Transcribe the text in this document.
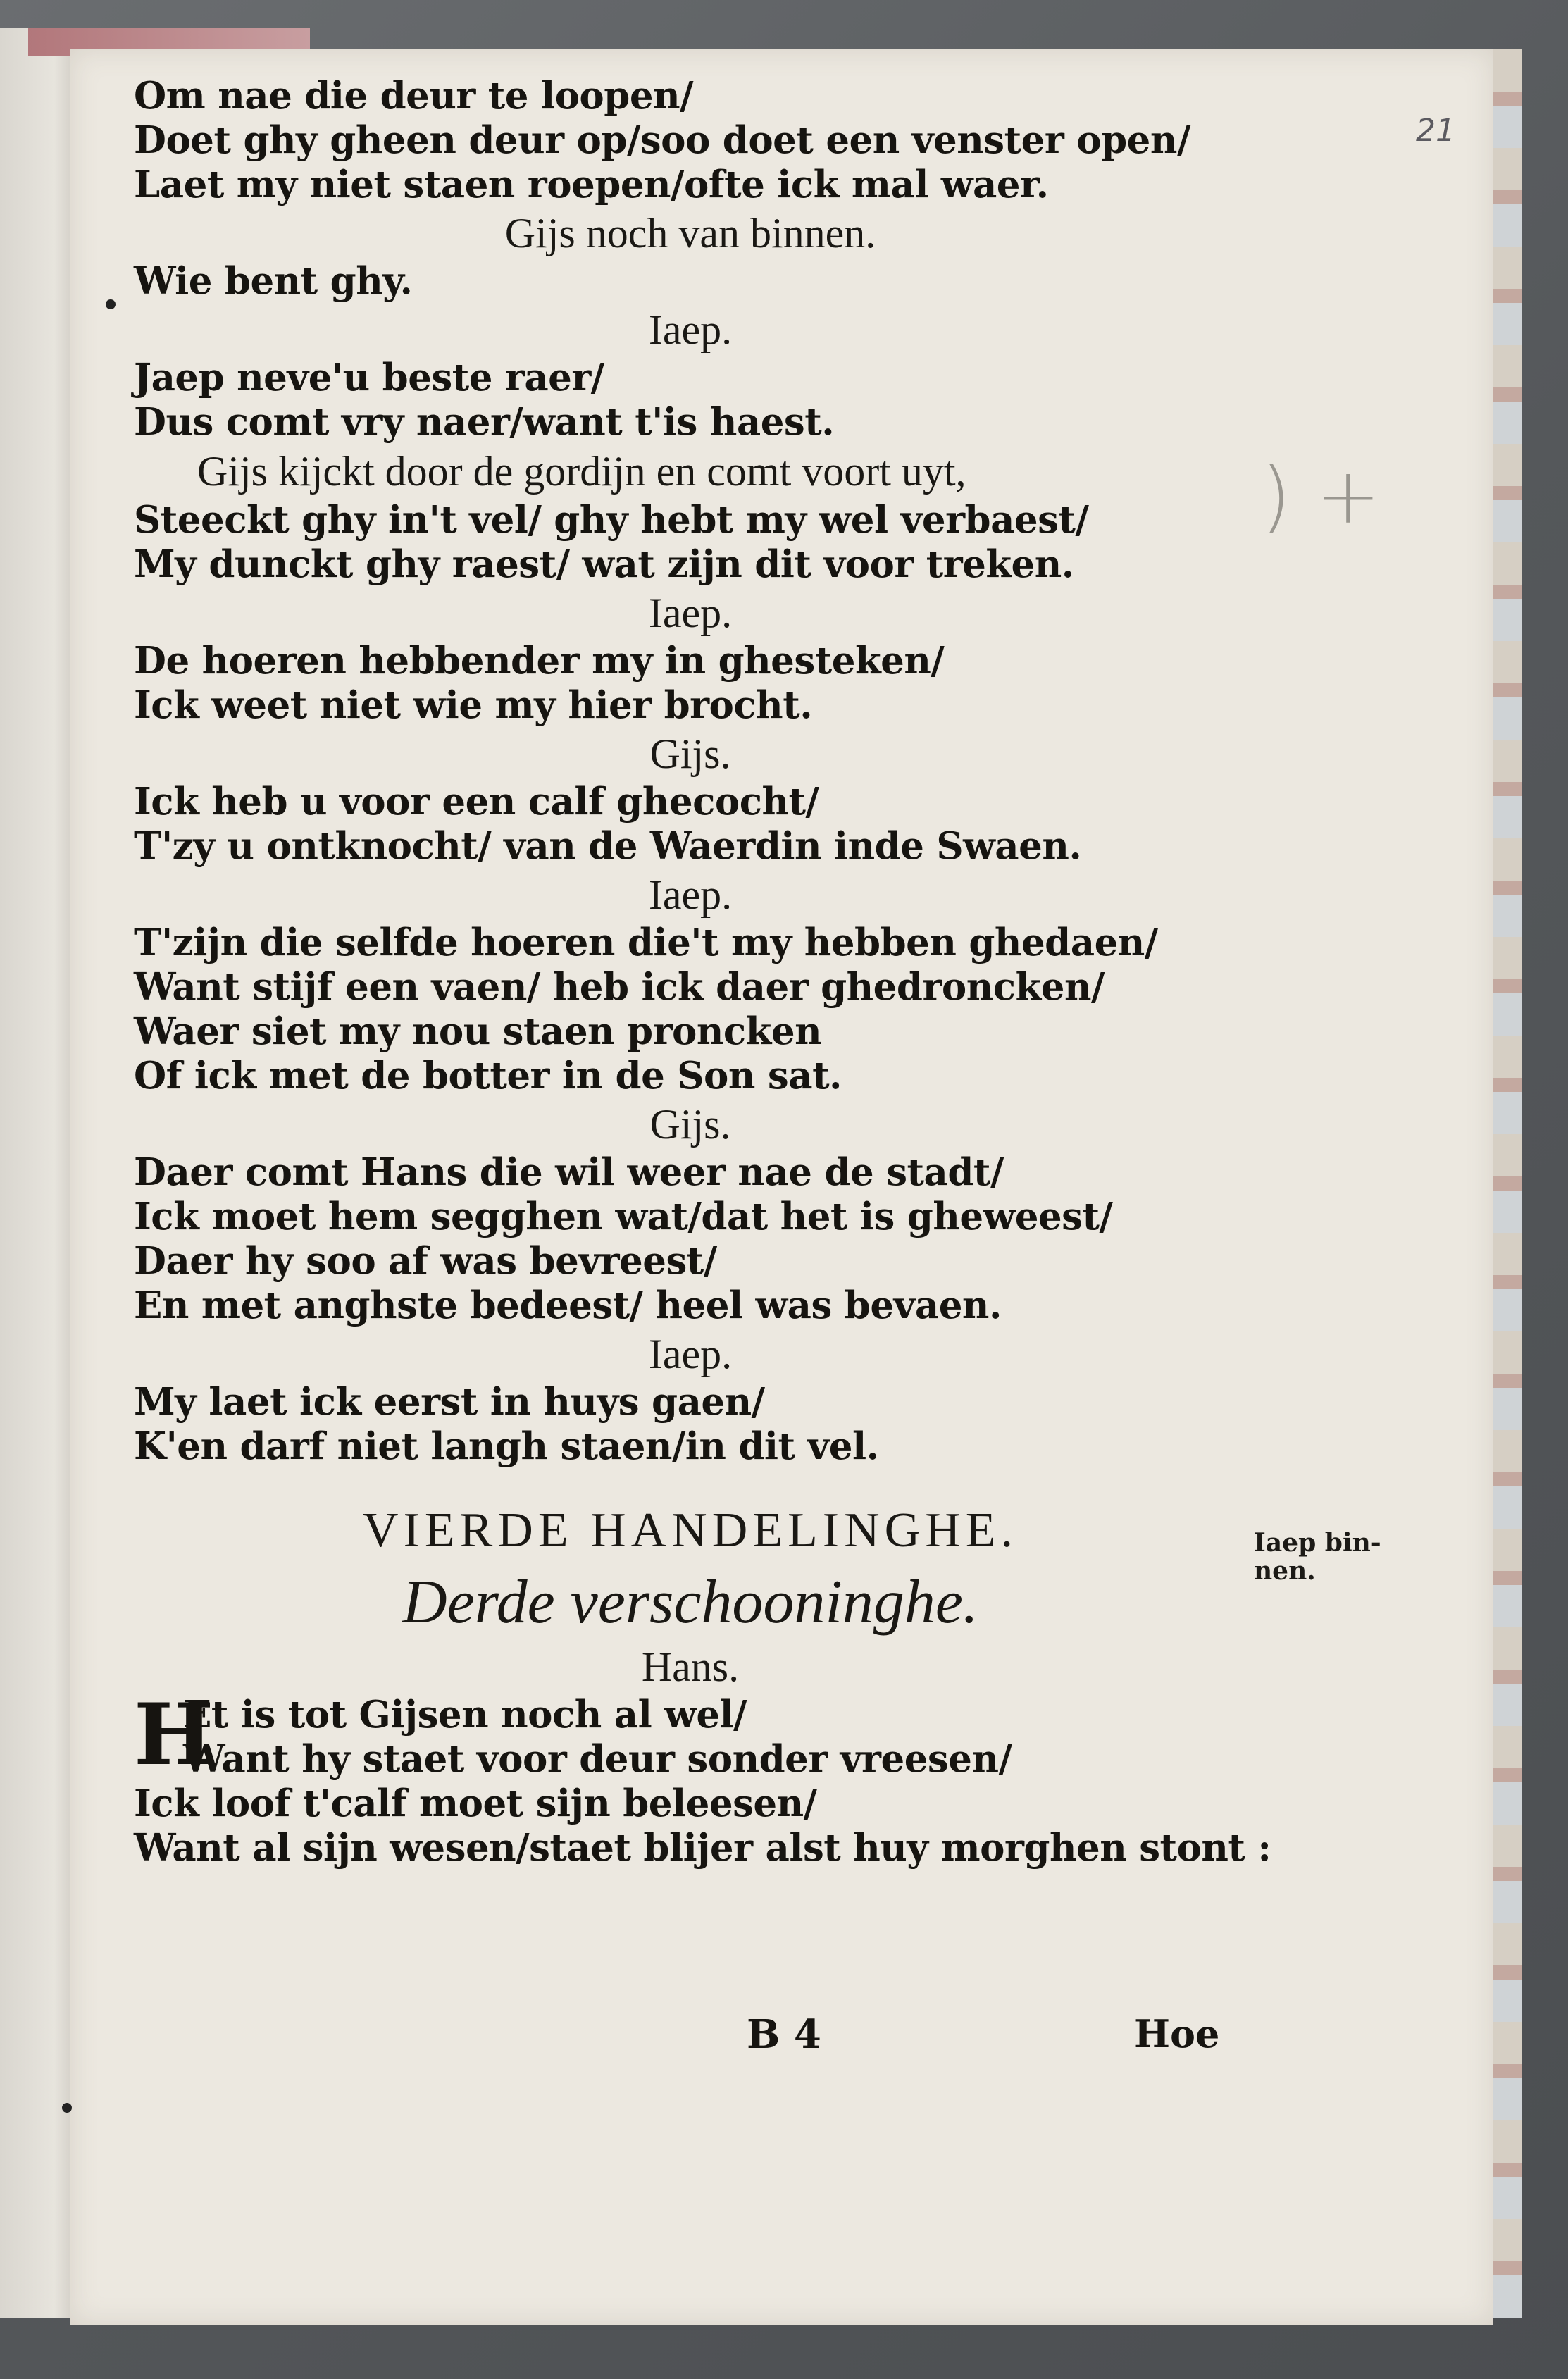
21
) +
Om nae die deur te loopen/
Doet ghy gheen deur op/soo doet een venster open/
Laet my niet staen roepen/ofte ick mal waer.
Gijs noch van binnen.
Wie bent ghy.
Iaep.
Jaep neve'u beste raer/
Dus comt vry naer/want t'is haest.
Gijs kijckt door de gordijn en comt voort uyt,
Steeckt ghy in't vel/ ghy hebt my wel verbaest/
My dunckt ghy raest/ wat zijn dit voor treken.
Iaep.
De hoeren hebbender my in ghesteken/
Ick weet niet wie my hier brocht.
Gijs.
Ick heb u voor een calf ghecocht/
T'zy u ontknocht/ van de Waerdin inde Swaen.
Iaep.
T'zijn die selfde hoeren die't my hebben ghedaen/
Want stijf een vaen/ heb ick daer ghedroncken/
Waer siet my nou staen proncken
Of ick met de botter in de Son sat.
Gijs.
Daer comt Hans die wil weer nae de stadt/
Ick moet hem segghen wat/dat het is gheweest/
Daer hy soo af was bevreest/
En met anghste bedeest/ heel was bevaen.
Iaep.
My laet ick eerst in huys gaen/
K'en darf niet langh staen/in dit vel.
VIERDE HANDELINGHE.
Derde verschooninghe.
Hans.
H
Et is tot Gijsen noch al wel/
Want hy staet voor deur sonder vreesen/
Ick loof t'calf moet sijn beleesen/
Want al sijn wesen/staet blijer alst huy morghen stont :
Iaep bin-
nen.
B 4	Hoe
